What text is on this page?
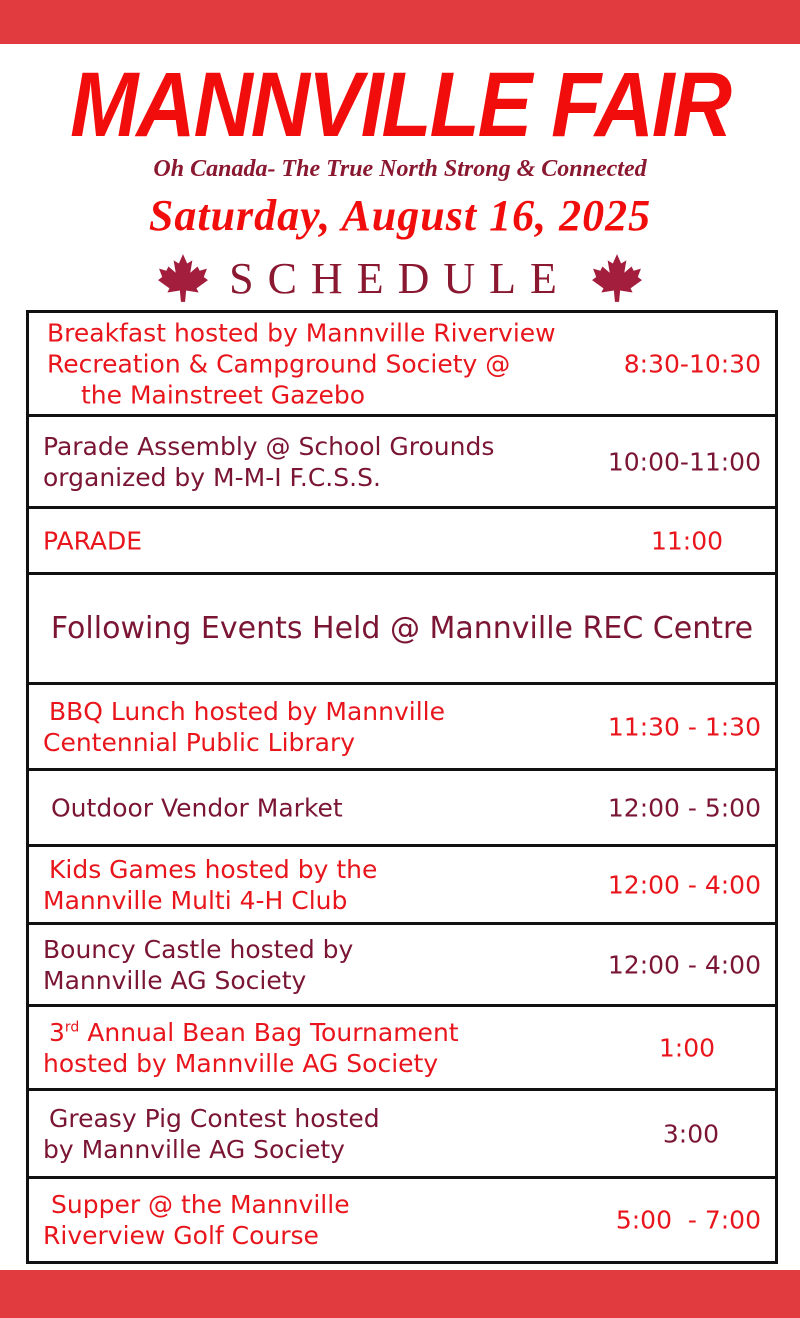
MANNVILLE FAIR
Oh Canada- The True North Strong & Connected
Saturday, August 16, 2025
SCHEDULE
Breakfast hosted by Mannville Riverview
Recreation & Campground Society @
the Mainstreet Gazebo
8:30-10:30
Parade Assembly @ School Grounds
organized by M-M-I F.C.S.S.
10:00-11:00
PARADE	11:00
Following Events Held @ Mannville REC Centre
BBQ Lunch hosted by Mannville
Centennial Public Library
11:30 - 1:30
Outdoor Vendor Market	12:00 - 5:00
Kids Games hosted by the
Mannville Multi 4-H Club
12:00 - 4:00
Bouncy Castle hosted by
Mannville AG Society
12:00 - 4:00
3rd Annual Bean Bag Tournament
hosted by Mannville AG Society
1:00
Greasy Pig Contest hosted
by Mannville AG Society
3:00
Supper @ the Mannville
Riverview Golf Course
5:00  - 7:00
